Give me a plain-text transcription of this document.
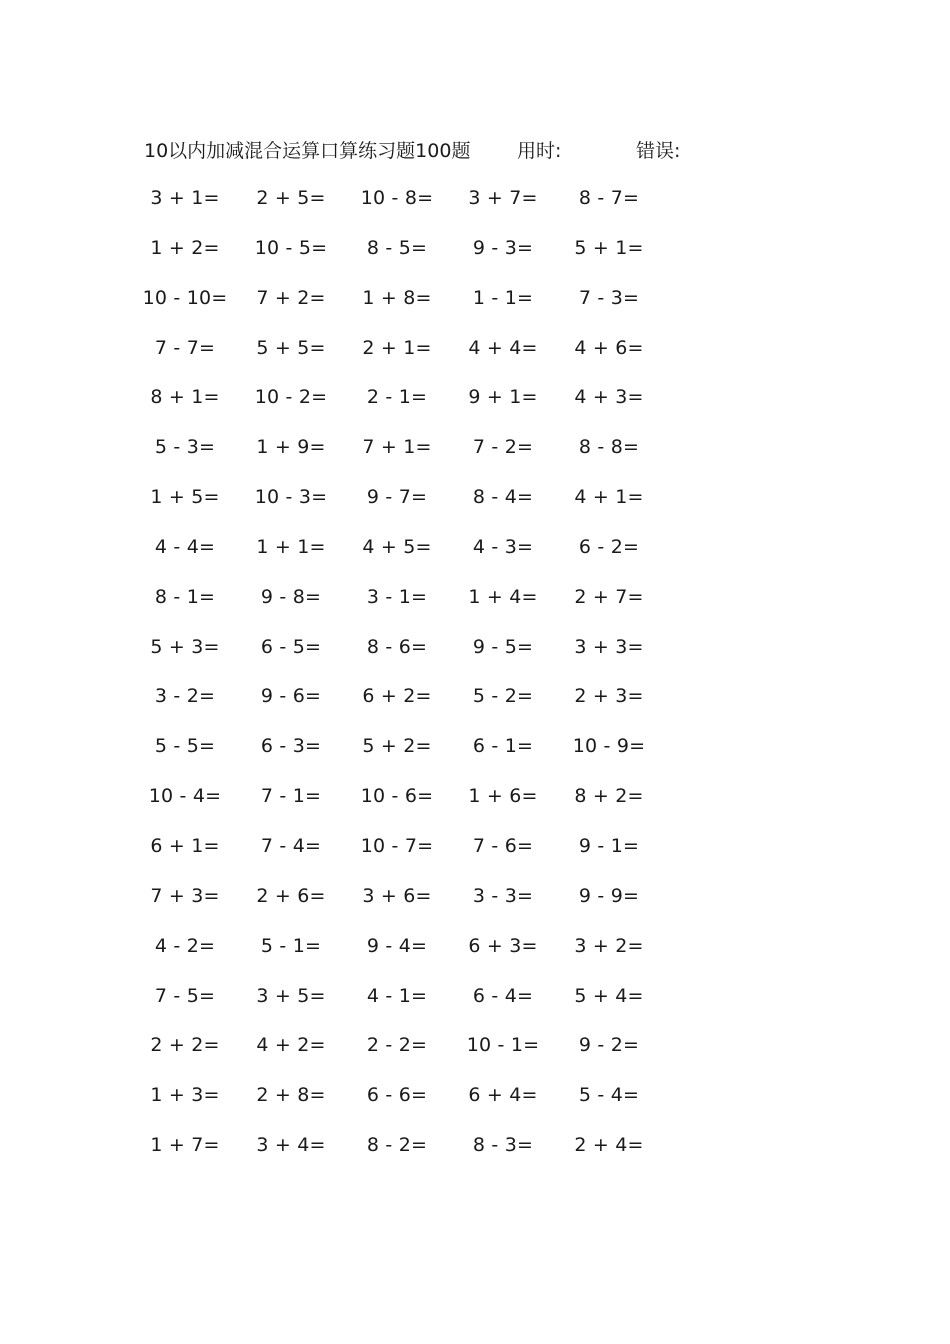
10以内加减混合运算口算练习题100题 用时:	错误:
3 + 1=	2 + 5=	10 - 8=	3 + 7=	8 - 7=
1 + 2=	10 - 5=	8 - 5=	9 - 3=	5 + 1=
10 - 10=	7 + 2=	1 + 8=	1 - 1=	7 - 3=
7 - 7=	5 + 5=	2 + 1=	4 + 4=	4 + 6=
8 + 1=	10 - 2=	2 - 1=	9 + 1=	4 + 3=
5 - 3=	1 + 9=	7 + 1=	7 - 2=	8 - 8=
1 + 5=	10 - 3=	9 - 7=	8 - 4=	4 + 1=
4 - 4=	1 + 1=	4 + 5=	4 - 3=	6 - 2=
8 - 1=	9 - 8=	3 - 1=	1 + 4=	2 + 7=
5 + 3=	6 - 5=	8 - 6=	9 - 5=	3 + 3=
3 - 2=	9 - 6=	6 + 2=	5 - 2=	2 + 3=
5 - 5=	6 - 3=	5 + 2=	6 - 1=	10 - 9=
10 - 4=	7 - 1=	10 - 6=	1 + 6=	8 + 2=
6 + 1=	7 - 4=	10 - 7=	7 - 6=	9 - 1=
7 + 3=	2 + 6=	3 + 6=	3 - 3=	9 - 9=
4 - 2=	5 - 1=	9 - 4=	6 + 3=	3 + 2=
7 - 5=	3 + 5=	4 - 1=	6 - 4=	5 + 4=
2 + 2=	4 + 2=	2 - 2=	10 - 1=	9 - 2=
1 + 3=	2 + 8=	6 - 6=	6 + 4=	5 - 4=
1 + 7=	3 + 4=	8 - 2=	8 - 3=	2 + 4=
